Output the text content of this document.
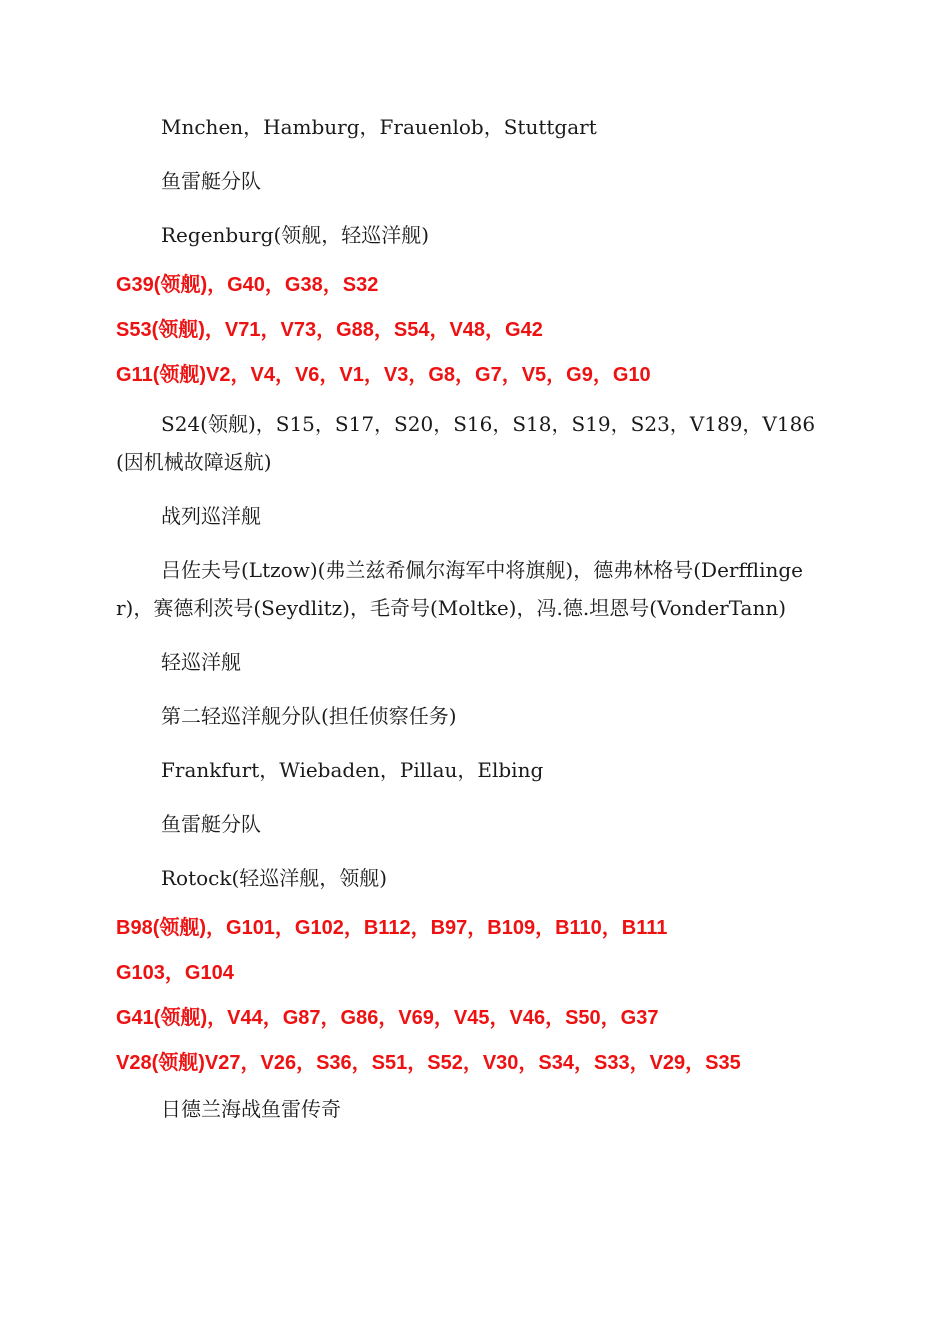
Mnchen，Hamburg，Frauenlob，Stuttgart

鱼雷艇分队

Regenburg(领舰，轻巡洋舰)

G39(领舰)，G40，G38，S32

S53(领舰)，V71，V73，G88，S54，V48，G42

G11(领舰)V2，V4，V6，V1，V3，G8，G7，V5，G9，G10

S24(领舰)，S15，S17，S20，S16，S18，S19，S23，V189，V186(因机械故障返航)

战列巡洋舰

吕佐夫号(Ltzow)(弗兰兹希佩尔海军中将旗舰)，德弗林格号(Derfflinger)，赛德利茨号(Seydlitz)，毛奇号(Moltke)，冯.德.坦恩号(VonderTann)

轻巡洋舰

第二轻巡洋舰分队(担任侦察任务)

Frankfurt，Wiebaden，Pillau，Elbing

鱼雷艇分队

Rotock(轻巡洋舰，领舰)

B98(领舰)，G101，G102，B112，B97，B109，B110，B111

G103，G104

G41(领舰)，V44，G87，G86，V69，V45，V46，S50，G37

V28(领舰)V27，V26，S36，S51，S52，V30，S34，S33，V29，S35

日德兰海战鱼雷传奇
